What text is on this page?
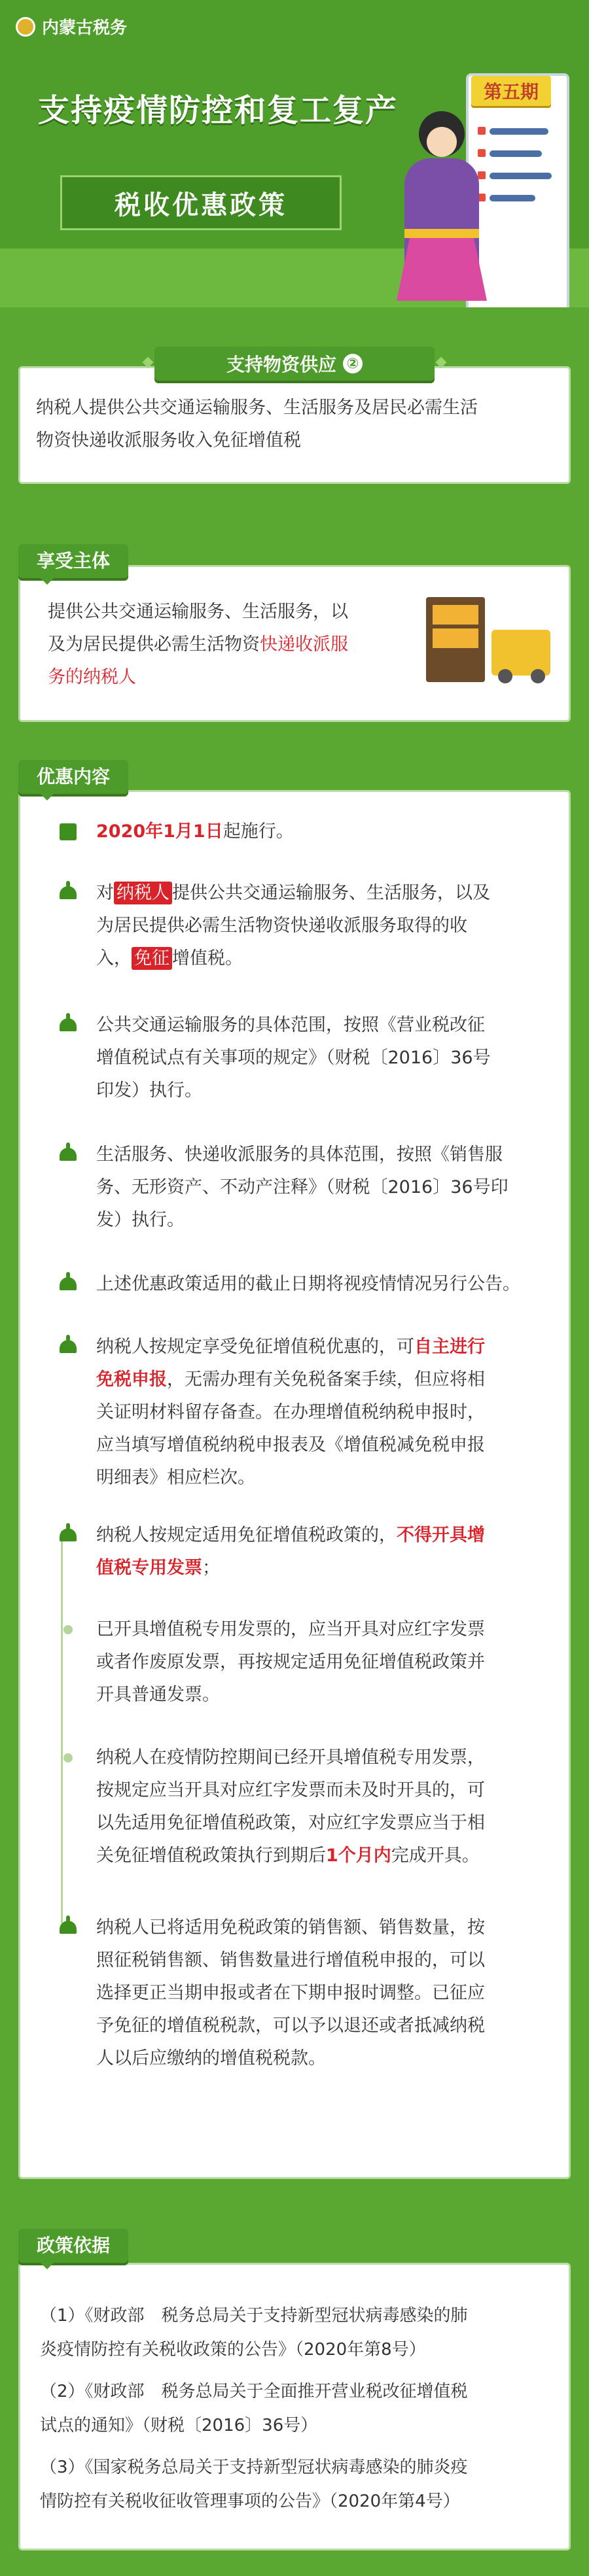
内蒙古税务
支持疫情防控和复工复产
第五期
税收优惠政策
纳税人提供公共交通运输服务、生活服务及居民必需生活
物资快递收派服务收入免征增值税
支持物资供应 ②
提供公共交通运输服务、生活服务，以
及为居民提供必需生活物资快递收派服
务的纳税人
享受主体
2020年1月1日起施行。
对 纳税人 提供公共交通运输服务、生活服务，以及
为居民提供必需生活物资快递收派服务取得的收
入， 免征 增值税。
公共交通运输服务的具体范围，按照《营业税改征
增值税试点有关事项的规定》（财税〔2016〕36号
印发）执行。
生活服务、快递收派服务的具体范围，按照《销售服
务、无形资产、不动产注释》（财税〔2016〕36号印
发）执行。
上述优惠政策适用的截止日期将视疫情情况另行公告。
纳税人按规定享受免征增值税优惠的，可自主进行
免税申报，无需办理有关免税备案手续，但应将相
关证明材料留存备查。在办理增值税纳税申报时，
应当填写增值税纳税申报表及《增值税减免税申报
明细表》相应栏次。
纳税人按规定适用免征增值税政策的，不得开具增
值税专用发票；
已开具增值税专用发票的，应当开具对应红字发票
或者作废原发票，再按规定适用免征增值税政策并
开具普通发票。
纳税人在疫情防控期间已经开具增值税专用发票，
按规定应当开具对应红字发票而未及时开具的，可
以先适用免征增值税政策，对应红字发票应当于相
关免征增值税政策执行到期后1个月内完成开具。
纳税人已将适用免税政策的销售额、销售数量，按
照征税销售额、销售数量进行增值税申报的，可以
选择更正当期申报或者在下期申报时调整。已征应
予免征的增值税税款，可以予以退还或者抵减纳税
人以后应缴纳的增值税税款。
优惠内容
（1）《财政部　税务总局关于支持新型冠状病毒感染的肺
炎疫情防控有关税收政策的公告》（2020年第8号）
（2）《财政部　税务总局关于全面推开营业税改征增值税
试点的通知》（财税〔2016〕36号）
（3）《国家税务总局关于支持新型冠状病毒感染的肺炎疫
情防控有关税收征收管理事项的公告》（2020年第4号）
政策依据
